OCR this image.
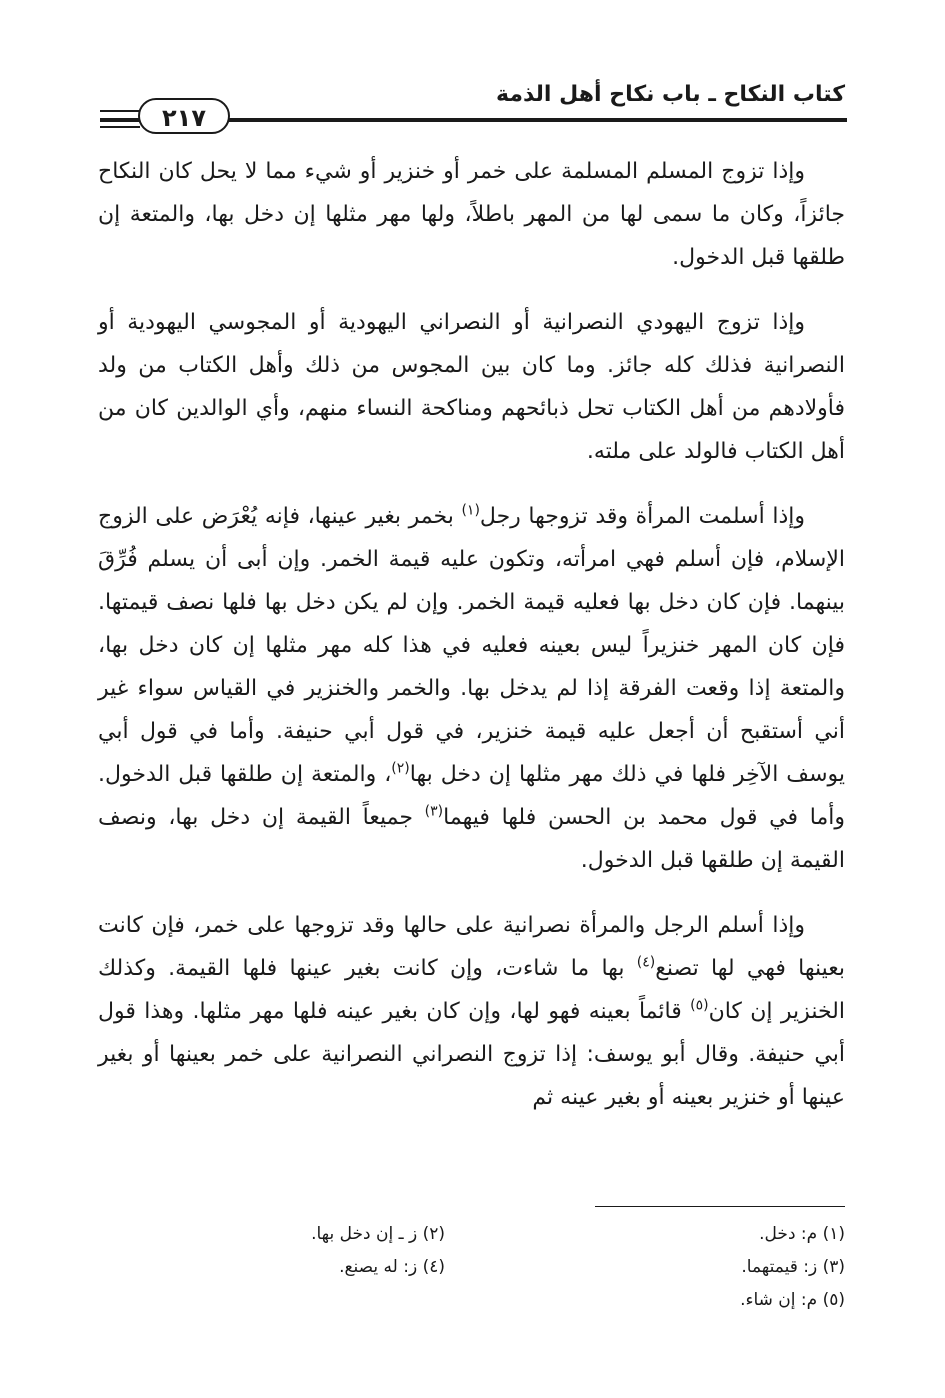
كتاب النكاح ـ باب نكاح أهل الذمة
٢١٧

وإذا تزوج المسلم المسلمة على خمر أو خنزير أو شيء مما لا يحل كان النكاح جائزاً، وكان ما سمى لها من المهر باطلاً، ولها مهر مثلها إن دخل بها، والمتعة إن طلقها قبل الدخول.

وإذا تزوج اليهودي النصرانية أو النصراني اليهودية أو المجوسي اليهودية أو النصرانية فذلك كله جائز. وما كان بين المجوس من ذلك وأهل الكتاب من ولد فأولادهم من أهل الكتاب تحل ذبائحهم ومناكحة النساء منهم، وأي الوالدين كان من أهل الكتاب فالولد على ملته.

وإذا أسلمت المرأة وقد تزوجها رجل$^{(١)}$ بخمر بغير عينها، فإنه يُعْرَض على الزوج الإسلام، فإن أسلم فهي امرأته، وتكون عليه قيمة الخمر. وإن أبى أن يسلم فُرِّقَ بينهما. فإن كان دخل بها فعليه قيمة الخمر. وإن لم يكن دخل بها فلها نصف قيمتها. فإن كان المهر خنزيراً ليس بعينه فعليه في هذا كله مهر مثلها إن كان دخل بها، والمتعة إذا وقعت الفرقة إذا لم يدخل بها. والخمر والخنزير في القياس سواء غير أني أستقبح أن أجعل عليه قيمة خنزير، في قول أبي حنيفة. وأما في قول أبي يوسف الآخِر فلها في ذلك مهر مثلها إن دخل بها$^{(٢)}$، والمتعة إن طلقها قبل الدخول. وأما في قول محمد بن الحسن فلها فيهما$^{(٣)}$ جميعاً القيمة إن دخل بها، ونصف القيمة إن طلقها قبل الدخول.

وإذا أسلم الرجل والمرأة نصرانية على حالها وقد تزوجها على خمر، فإن كانت بعينها فهي لها تصنع$^{(٤)}$ بها ما شاءت، وإن كانت بغير عينها فلها القيمة. وكذلك الخنزير إن كان$^{(٥)}$ قائماً بعينه فهو لها، وإن كان بغير عينه فلها مهر مثلها. وهذا قول أبي حنيفة. وقال أبو يوسف: إذا تزوج النصراني النصرانية على خمر بعينها أو بغير عينها أو خنزير بعينه أو بغير عينه ثم

(١) م: دخل.
(٣) ز: قيمتهما.
(٥) م: إن شاء.
(٢) ز ـ إن دخل بها.
(٤) ز: له يصنع.
